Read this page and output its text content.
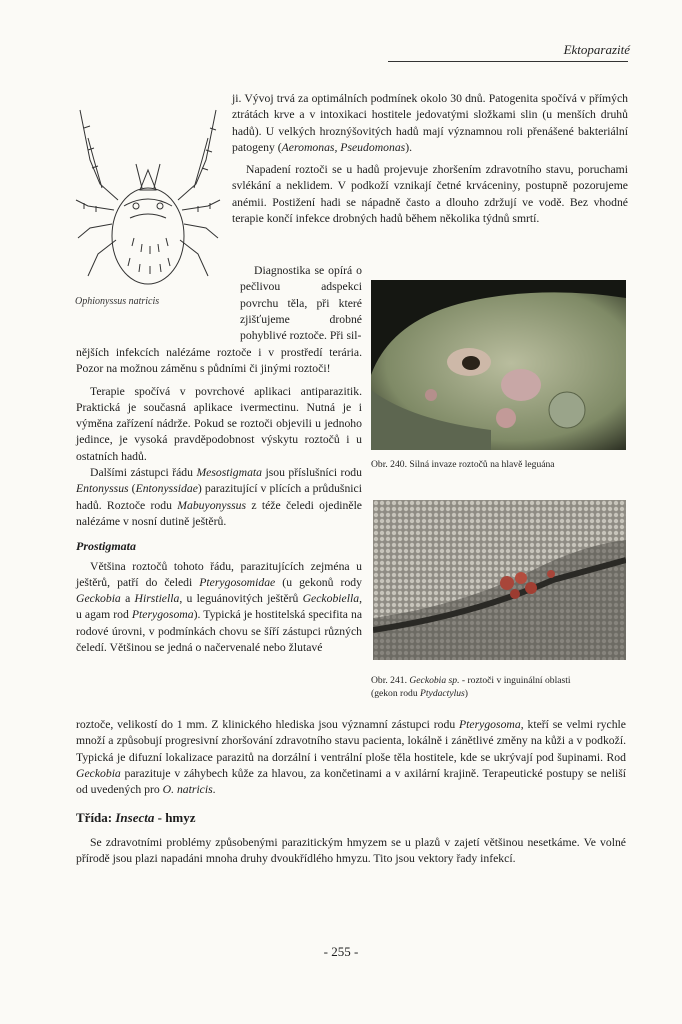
Ektoparazité
Ophionyssus natricis

ji. Vývoj trvá za optimálních podmínek okolo 30 dnů. Patogenita spočívá v přímých ztrátách krve a v intoxikaci hostitele jedovatými složkami slin (u menších druhů hadů). U velkých hroznýšovitých hadů mají významnou roli přenášené bakteriální patogeny (Aeromonas, Pseudomonas).

Napadení roztoči se u hadů projevuje zhoršením zdravotního stavu, poruchami svlékání a neklidem. V podkoží vznikají četné krváceniny, postupně pozorujeme anémii. Postižení hadi se nápadně často a dlouho zdržují ve vodě. Bez vhodné terapie končí infekce drobných hadů během několika týdnů smrtí.

Diagnostika se opírá o pečlivou adspekci povrchu těla, při které zjišťujeme drobné pohyblivé roztoče. Při sil-

nějších infekcích nalézáme roztoče i v prostředí terária. Pozor na možnou záměnu s půdními či jinými roztoči!

Terapie spočívá v povrchové aplikaci antiparazitik. Praktická je současná aplikace ivermectinu. Nutná je i výměna zařízení nádrže. Pokud se roztoči objevili u jednoho jedince, je vysoká pravděpodobnost výskytu roztočů i u ostatních hadů.

Dalšími zástupci řádu Mesostigmata jsou příslušníci rodu Entonyssus (Entonyssidae) parazitující v plících a průdušnici hadů. Roztoče rodu Mabuyonyssus z téže čeledi ojediněle nalézáme v nosní dutině ještěrů.

Prostigmata

Většina roztočů tohoto řádu, parazitujících zejména u ještěrů, patří do čeledi Pterygosomidae (u gekonů rody Geckobia a Hirstiella, u leguánovitých ještěrů Geckobiella, u agam rod Pterygosoma). Typická je hostitelská specifita na rodové úrovni, v podmínkách chovu se šíří zástupci různých čeledí. Většinou se jedná o načervenalé nebo žlutavé

Obr. 240. Silná invaze roztočů na hlavě leguána
Obr. 241. Geckobia sp. - roztoči v inguinální oblasti
(gekon rodu Ptydactylus)

roztoče, velikostí do 1 mm. Z klinického hlediska jsou významní zástupci rodu Pterygosoma, kteří se velmi rychle množí a způsobují progresivní zhoršování zdravotního stavu pacienta, lokálně i zánětlivé změny na kůži a v podkoží. Typická je difuzní lokalizace parazitů na dorzální i ventrální ploše těla hostitele, kde se ukrývají pod šupinami. Rod Geckobia parazituje v záhybech kůže za hlavou, za končetinami a v axilární krajině. Terapeutické postupy se neliší od uvedených pro O. natricis.

Třída: Insecta - hmyz

Se zdravotními problémy způsobenými parazitickým hmyzem se u plazů v zajetí většinou nesetkáme. Ve volné přírodě jsou plazi napadáni mnoha druhy dvoukřídlého hmyzu. Tito jsou vektory řady infekcí.

- 255 -
